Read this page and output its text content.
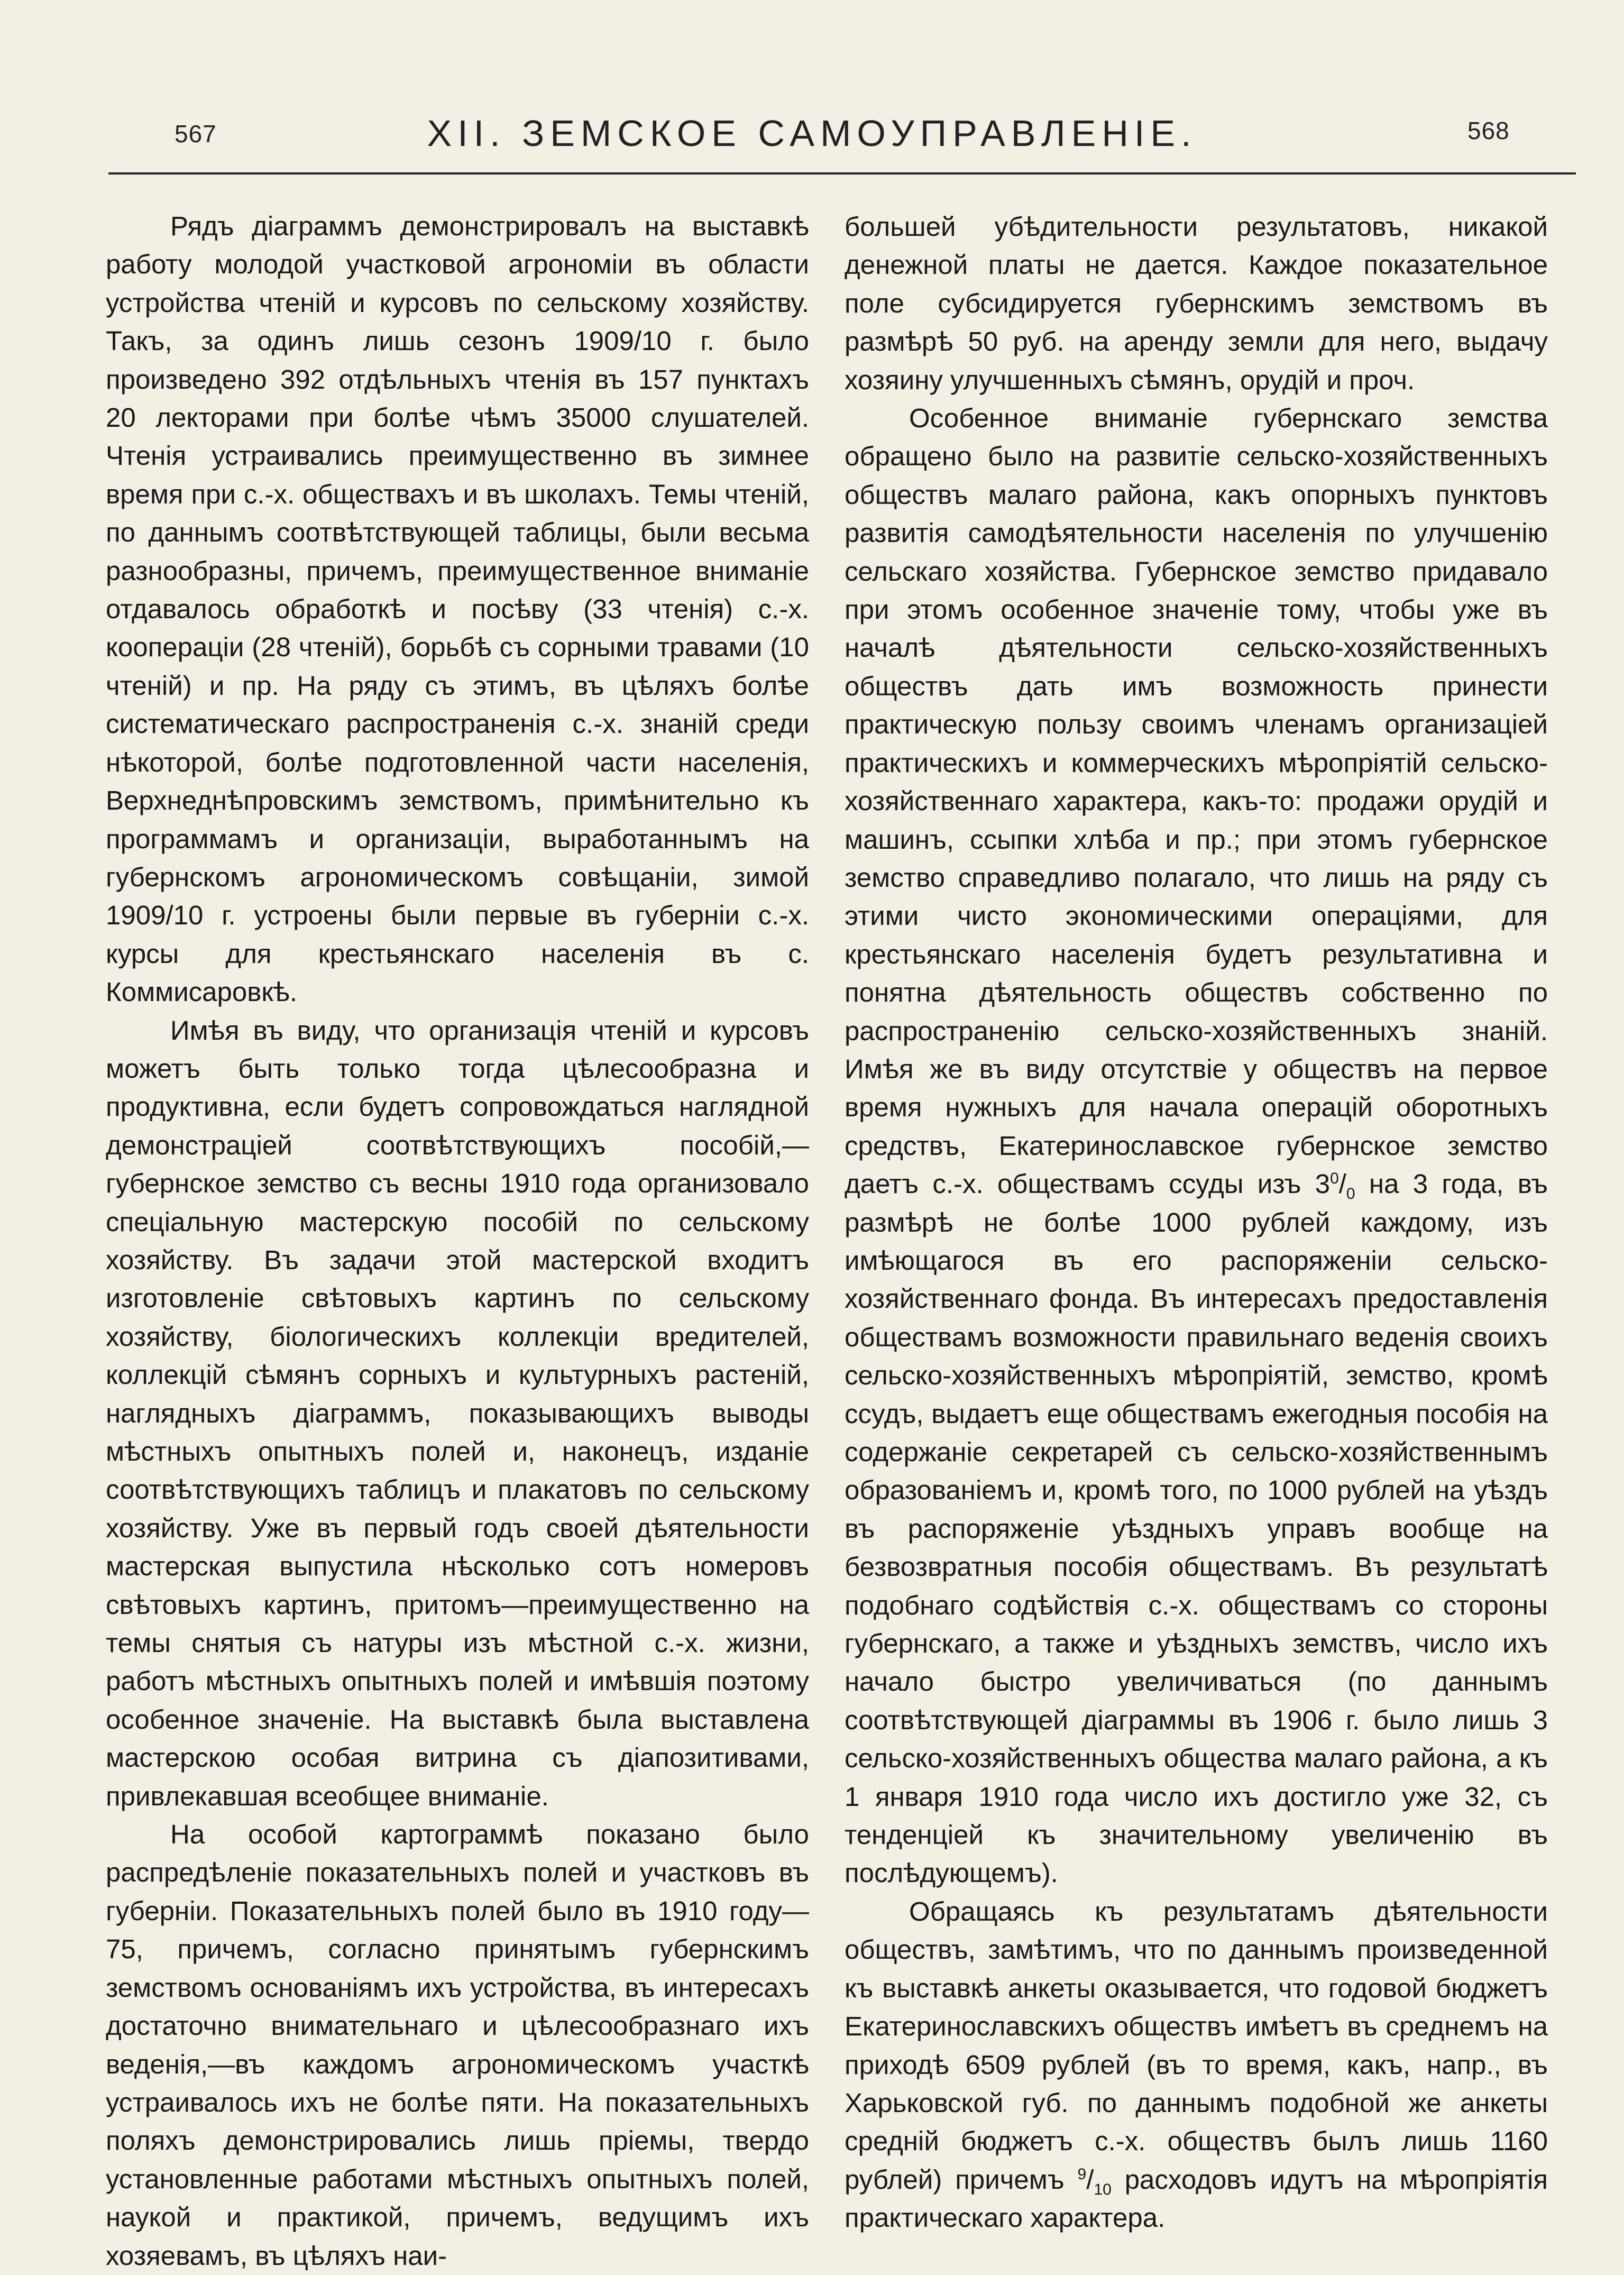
567	XII. ЗЕМСКОЕ САМОУПРАВЛЕНІЕ.	568

Рядъ діаграммъ демонстрировалъ на выставкѣ работу молодой участковой агрономіи въ области устройства чтеній и курсовъ по сельскому хозяйству. Такъ, за одинъ лишь сезонъ 1909/10 г. было произведено 392 отдѣльныхъ чтенія въ 157 пунктахъ 20 лекторами при болѣе чѣмъ 35000 слушателей. Чтенія устраивались преимущественно въ зимнее время при с.-х. обществахъ и въ школахъ. Темы чтеній, по даннымъ соотвѣтствующей таблицы, были весьма разнообразны, причемъ, преимущественное вниманіе отдавалось обработкѣ и посѣву (33 чтенія) с.-х. кооперацiи (28 чтеній), борьбѣ съ сорными травами (10 чтеній) и пр. На ряду съ этимъ, въ цѣляхъ болѣе систематическаго распространенія с.-х. знаній среди нѣкоторой, болѣе подготовленной части населенія, Верхнеднѣпровскимъ земствомъ, примѣнительно къ программамъ и организаціи, выработаннымъ на губернскомъ агрономическомъ совѣщаніи, зимой 1909/10 г. устроены были первые въ губерніи с.-х. курсы для крестьянскаго населенія въ с. Коммисаровкѣ.

Имѣя въ виду, что организація чтеній и курсовъ можетъ быть только тогда цѣлесообразна и продуктивна, если будетъ сопровождаться наглядной демонстраціей соотвѣтствующихъ пособій,—губернское земство съ весны 1910 года организовало спеціальную мастерскую пособій по сельскому хозяйству. Въ задачи этой мастерской входитъ изготовленіе свѣтовыхъ картинъ по сельскому хозяйству, біологическихъ коллекціи вредителей, коллекцій сѣмянъ сорныхъ и культурныхъ растеній, наглядныхъ діаграммъ, показывающихъ выводы мѣстныхъ опытныхъ полей и, наконецъ, изданіе соотвѣтствующихъ таблицъ и плакатовъ по сельскому хозяйству. Уже въ первый годъ своей дѣятельности мастерская выпустила нѣсколько сотъ номеровъ свѣтовыхъ картинъ, притомъ—преимущественно на темы снятыя съ натуры изъ мѣстной с.-х. жизни, работъ мѣстныхъ опытныхъ полей и имѣвшія поэтому особенное значеніе. На выставкѣ была выставлена мастерскою особая витрина съ діапозитивами, привлекавшая всеобщее вниманіе.

На особой картограммѣ показано было распредѣленіе показательныхъ полей и участковъ въ губерніи. Показательныхъ полей было въ 1910 году—75, причемъ, согласно принятымъ губернскимъ земствомъ основаніямъ ихъ устройства, въ интересахъ достаточно внимательнаго и цѣлесообразнаго ихъ веденія,—въ каждомъ агрономическомъ участкѣ устраивалось ихъ не болѣе пяти. На показательныхъ поляхъ демонстрировались лишь пріемы, твердо установленные работами мѣстныхъ опытныхъ полей, наукой и практикой, причемъ, ведущимъ ихъ хозяевамъ, въ цѣляхъ наи-

большей убѣдительности результатовъ, никакой денежной платы не дается. Каждое показательное поле субсидируется губернскимъ земствомъ въ размѣрѣ 50 руб. на аренду земли для него, выдачу хозяину улучшенныхъ сѣмянъ, орудій и проч.

Особенное вниманіе губернскаго земства обращено было на развитіе сельско-хозяйственныхъ обществъ малаго района, какъ опорныхъ пунктовъ развитія самодѣятельности населенія по улучшенію сельскаго хозяйства. Губернское земство придавало при этомъ особенное значеніе тому, чтобы уже въ началѣ дѣятельности сельско-хозяйственныхъ обществъ дать имъ возможность принести практическую пользу своимъ членамъ организаціей практическихъ и коммерческихъ мѣропріятій сельско-хозяйственнаго характера, какъ-то: продажи орудій и машинъ, ссыпки хлѣба и пр.; при этомъ губернское земство справедливо полагало, что лишь на ряду съ этими чисто экономическими операціями, для крестьянскаго населенія будетъ результативна и понятна дѣятельность обществъ собственно по распространенію сельско-хозяйственныхъ знаній. Имѣя же въ виду отсутствіе у обществъ на первое время нужныхъ для начала операцій оборотныхъ средствъ, Екатеринославское губернское земство даетъ с.-х. обществамъ ссуды изъ $3^0/_0$ на 3 года, въ размѣрѣ не болѣе 1000 рублей каждому, изъ имѣющагося въ его распоряженіи сельско-хозяйственнаго фонда. Въ интересахъ предоставленія обществамъ возможности правильнаго веденія своихъ сельско-хозяйственныхъ мѣропріятій, земство, кромѣ ссудъ, выдаетъ еще обществамъ ежегодныя пособія на содержаніе секретарей съ сельско-хозяйственнымъ образованіемъ и, кромѣ того, по 1000 рублей на уѣздъ въ распоряженіе уѣздныхъ управъ вообще на безвозвратныя пособія обществамъ. Въ результатѣ подобнаго содѣйствія с.-х. обществамъ со стороны губернскаго, а также и уѣздныхъ земствъ, число ихъ начало быстро увеличиваться (по даннымъ соотвѣтствующей діаграммы въ 1906 г. было лишь 3 сельско-хозяйственныхъ общества малаго района, а къ 1 января 1910 года число ихъ достигло уже 32, съ тенденціей къ значительному увеличенію въ послѣдующемъ).

Обращаясь къ результатамъ дѣятельности обществъ, замѣтимъ, что по даннымъ произведенной къ выставкѣ анкеты оказывается, что годовой бюджетъ Екатеринославскихъ обществъ имѣетъ въ среднемъ на приходѣ 6509 рублей (въ то время, какъ, напр., въ Харьковской губ. по даннымъ подобной же анкеты средній бюджетъ с.-х. обществъ былъ лишь 1160 рублей) причемъ $^9/_{10}$ расходовъ идутъ на мѣропріятія практическаго характера.
